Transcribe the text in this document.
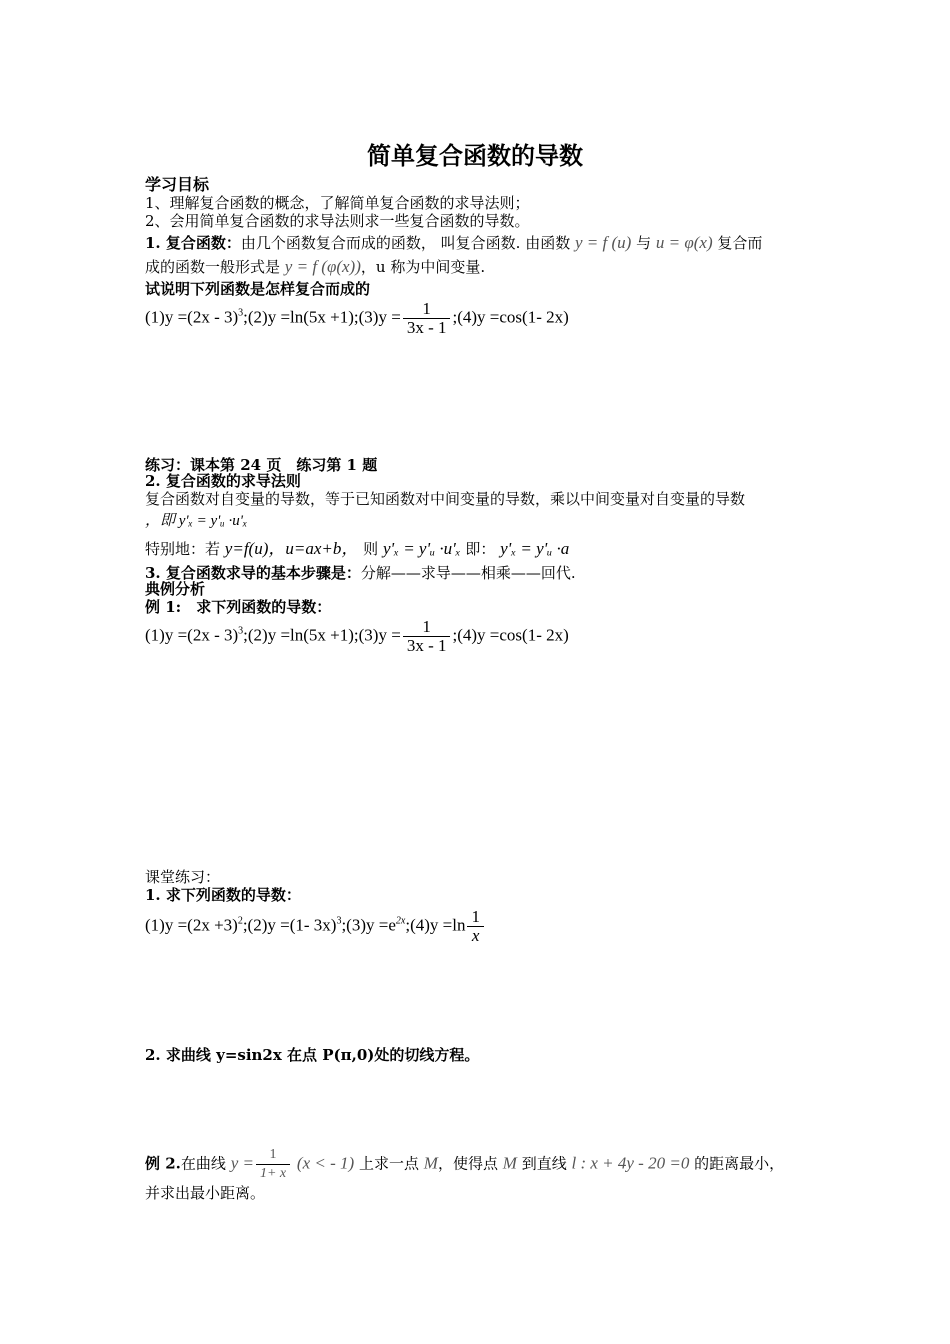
简单复合函数的导数
学习目标
1、理解复合函数的概念，了解简单复合函数的求导法则；
2、会用简单复合函数的求导法则求一些复合函数的导数。
1. 复合函数：由几个函数复合而成的函数， 叫复合函数. 由函数 y = f (u) 与 u = φ(x) 复合而
成的函数一般形式是 y = f (φ(x))，u 称为中间变量.
试说明下列函数是怎样复合而成的
(1)y =(2x - 3)$^3$;(2)y =ln(5x +1);(3)y = $\frac{1}{3x - 1}$ ;(4)y =cos(1- 2x)
练习：课本第 24 页　练习第 1 题
2. 复合函数的求导法则
复合函数对自变量的导数，等于已知函数对中间变量的导数，乘以中间变量对自变量的导数
，即 y'ₓ = y'ᵤ ·u'ₓ
特别地：若 y=f(u)，u=ax+b， 则 y'ₓ = y'ᵤ ·u'ₓ 即： y'ₓ = y'ᵤ ·a
3. 复合函数求导的基本步骤是：分解——求导——相乘——回代.
典例分析
例 1:　求下列函数的导数：
(1)y =(2x - 3)$^3$;(2)y =ln(5x +1);(3)y = $\frac{1}{3x - 1}$ ;(4)y =cos(1- 2x)
课堂练习：
1. 求下列函数的导数：
$(1)y =(2x +3)^2;(2)y =(1-$ 3x)$^3$;(3)y $=e^{2x};(4)y =\ln \frac{1}{x}$
2. 求曲线 y=sin2x 在点 P(π,0)处的切线方程。
例 2.在曲线 $y = \frac{1}{1+ x} (x$ < - 1) 上求一点 M，使得点 M 到直线 l : x + 4y - 20 =0 的距离最小，
并求出最小距离。
